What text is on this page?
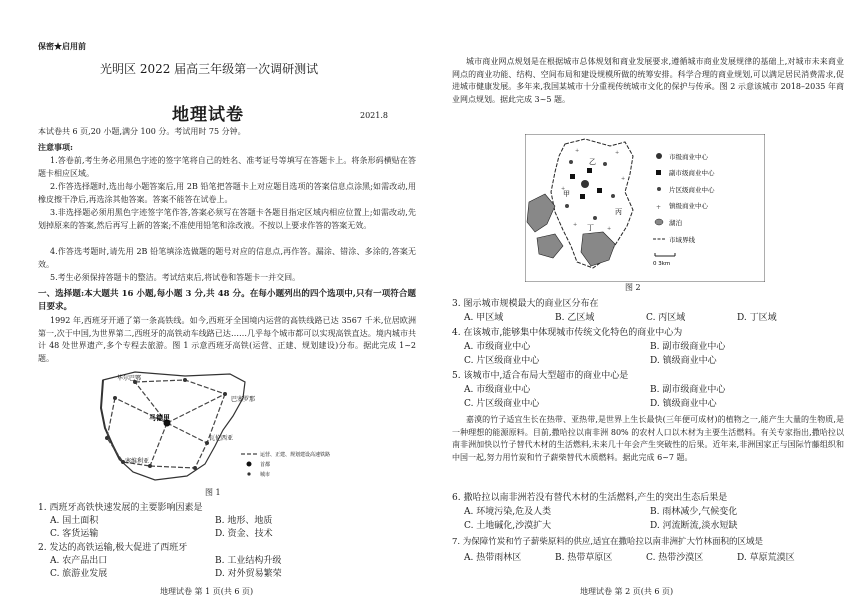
保密★启用前
光明区 2022 届高三年级第一次调研测试
地理试卷	2021.8
本试卷共 6 页,20 小题,满分 100 分。考试用时 75 分钟。
注意事项:
1.答卷前,考生务必用黑色字迹的签字笔将自己的姓名、准考证号等填写在答题卡上。将条形码横贴在答题卡相应区域。
2.作答选择题时,选出每小题答案后,用 2B 铅笔把答题卡上对应题目选项的答案信息点涂黑;如需改动,用橡皮擦干净后,再选涂其他答案。答案不能答在试卷上。
3.非选择题必须用黑色字迹签字笔作答,答案必须写在答题卡各题目指定区域内相应位置上;如需改动,先划掉原来的答案,然后再写上新的答案;不准使用铅笔和涂改液。不按以上要求作答的答案无效。
4.作答选考题时,请先用 2B 铅笔填涂选做题的题号对应的信息点,再作答。漏涂、错涂、多涂的,答案无效。
5.考生必须保持答题卡的整洁。考试结束后,将试卷和答题卡一并交回。
一、选择题:本大题共 16 小题,每小题 3 分,共 48 分。在每小题列出的四个选项中,只有一项符合题目要求。
1992 年,西班牙开通了第一条高铁线。如今,西班牙全国境内运营的高铁线路已达 3567 千米,位居欧洲第一,次于中国,为世界第二,西班牙的高铁动车线路已达……几乎每个城市都可以实现高铁直达。境内城市共计 48 处世界遗产,多个专程去旅游。图 1 示意西班牙高铁(运营、正建、规划建设)分布。据此完成 1~2 题。
毕尔巴鄂
巴塞罗那
马德里
瓦伦西亚
塞维利亚
运营、正建、规划建设高速铁路
首都
城市
图 1
1. 西班牙高铁快速发展的主要影响因素是
A. 国土面积	B. 地形、地质
C. 客货运输	D. 资金、技术
2. 发达的高铁运输,极大促进了西班牙
A. 农产品出口	B. 工业结构升级
C. 旅游业发展	D. 对外贸易繁荣
地理试卷 第 1 页(共 6 页)
城市商业网点规划是在根据城市总体规划和商业发展要求,遵循城市商业发展规律的基础上,对城市未来商业网点的商业功能、结构、空间布局和建设规模所做的统筹安排。科学合理的商业规划,可以满足居民消费需求,促进城市健康发展。多年来,我国某城市十分重视传统城市文化的保护与传承。图 2 示意该城市 2018–2035 年商业网点规划。据此完成 3~5 题。
+	+
+
+
+
+
甲
乙
丙
丁
市级商业中心
副市级商业中心
片区级商业中心
+ 镇级商业中心
湖泊
市域界线
0 3km
图 2
3. 图示城市规模最大的商业区分布在
A. 甲区域	B. 乙区域	C. 丙区域	D. 丁区域
4. 在该城市,能够集中体现城市传统文化特色的商业中心为
A. 市级商业中心	B. 副市级商业中心
C. 片区级商业中心	D. 镇级商业中心
5. 该城市中,适合布局大型超市的商业中心是
A. 市级商业中心	B. 副市级商业中心
C. 片区级商业中心	D. 镇级商业中心
嘉漠的竹子适宜生长在热带、亚热带,是世界上生长最快(三年便可成材)的植物之一,能产生大量的生物质,是一种理想的能源原料。目前,撒哈拉以南非洲 80% 的农村人口以木材为主要生活燃料。有关专家指出,撒哈拉以南非洲加快以竹子替代木材的生活燃料,未来几十年会产生突破性的后果。近年来,非洲国家正与国际竹藤组织和中国一起,努力用竹炭和竹子薪柴替代木质燃料。据此完成 6~7 题。
6. 撒哈拉以南非洲若没有替代木材的生活燃料,产生的突出生态后果是
A. 环境污染,危及人类	B. 雨林减少,气候变化
C. 土地碱化,沙漠扩大	D. 河流断流,淡水短缺
7. 为保障竹炭和竹子薪柴原料的供应,适宜在撒哈拉以南非洲扩大竹林面积的区域是
A. 热带雨林区	B. 热带草原区	C. 热带沙漠区	D. 草原荒漠区
地理试卷 第 2 页(共 6 页)
